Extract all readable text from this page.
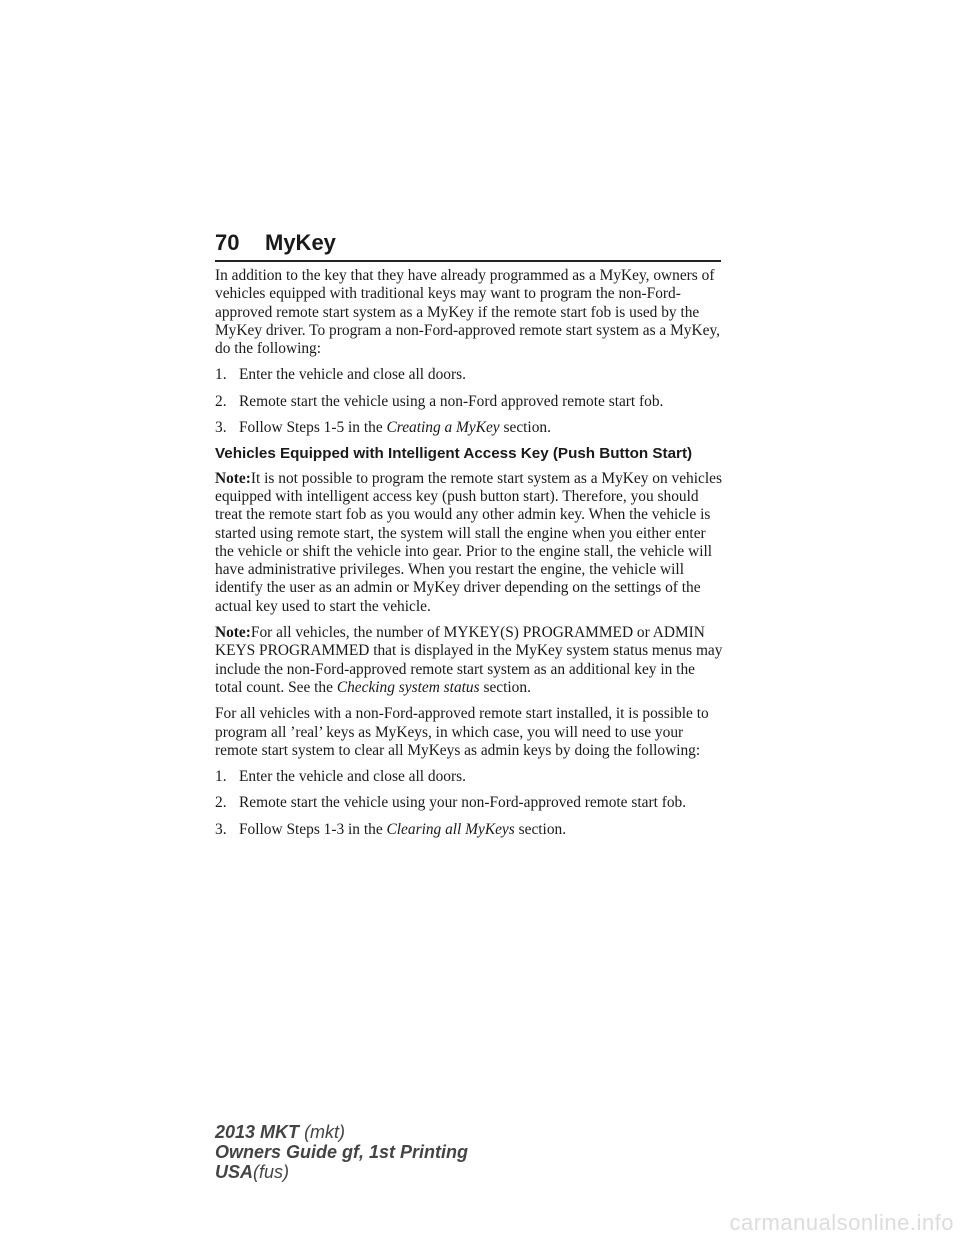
70	MyKey

In addition to the key that they have already programmed as a MyKey, owners of vehicles equipped with traditional keys may want to program the non-Ford-approved remote start system as a MyKey if the remote start fob is used by the MyKey driver. To program a non-Ford-approved remote start system as a MyKey, do the following:

1. Enter the vehicle and close all doors.
2. Remote start the vehicle using a non-Ford approved remote start fob.
3. Follow Steps 1-5 in the Creating a MyKey section.
Vehicles Equipped with Intelligent Access Key (Push Button Start)

Note:It is not possible to program the remote start system as a MyKey on vehicles equipped with intelligent access key (push button start). Therefore, you should treat the remote start fob as you would any other admin key. When the vehicle is started using remote start, the system will stall the engine when you either enter the vehicle or shift the vehicle into gear. Prior to the engine stall, the vehicle will have administrative privileges. When you restart the engine, the vehicle will identify the user as an admin or MyKey driver depending on the settings of the actual key used to start the vehicle.

Note:For all vehicles, the number of MYKEY(S) PROGRAMMED or ADMIN KEYS PROGRAMMED that is displayed in the MyKey system status menus may include the non-Ford-approved remote start system as an additional key in the total count. See the Checking system status section.

For all vehicles with a non-Ford-approved remote start installed, it is possible to program all ’real’ keys as MyKeys, in which case, you will need to use your remote start system to clear all MyKeys as admin keys by doing the following:

1. Enter the vehicle and close all doors.
2. Remote start the vehicle using your non-Ford-approved remote start fob.
3. Follow Steps 1-3 in the Clearing all MyKeys section.
2013 MKT (mkt)
Owners Guide gf, 1st Printing
USA(fus)
carmanualsonline.info
